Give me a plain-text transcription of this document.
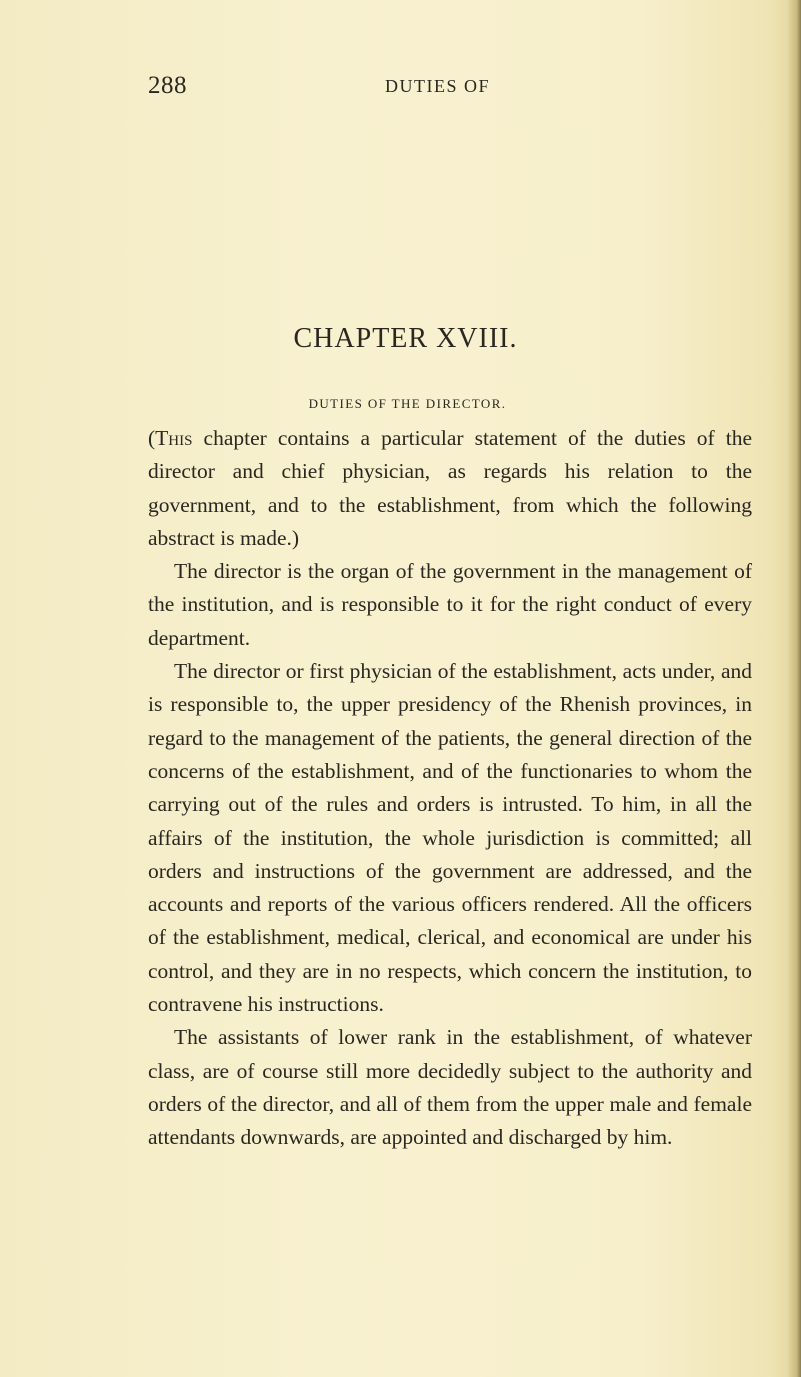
288	DUTIES OF
CHAPTER XVIII.
DUTIES OF THE DIRECTOR.

(This chapter contains a particular statement of the duties of the director and chief physician, as regards his relation to the government, and to the establishment, from which the following abstract is made.)

The director is the organ of the government in the management of the institution, and is responsible to it for the right conduct of every department.

The director or first physician of the establishment, acts under, and is responsible to, the upper presidency of the Rhenish provinces, in regard to the management of the patients, the general direction of the concerns of the establishment, and of the functionaries to whom the carrying out of the rules and orders is intrusted. To him, in all the affairs of the institution, the whole jurisdiction is committed; all orders and instructions of the government are addressed, and the accounts and reports of the various officers rendered. All the officers of the establishment, medical, clerical, and economical are under his control, and they are in no respects, which concern the institution, to contravene his instructions.

The assistants of lower rank in the establishment, of whatever class, are of course still more decidedly subject to the authority and orders of the director, and all of them from the upper male and female attendants downwards, are appointed and discharged by him.
